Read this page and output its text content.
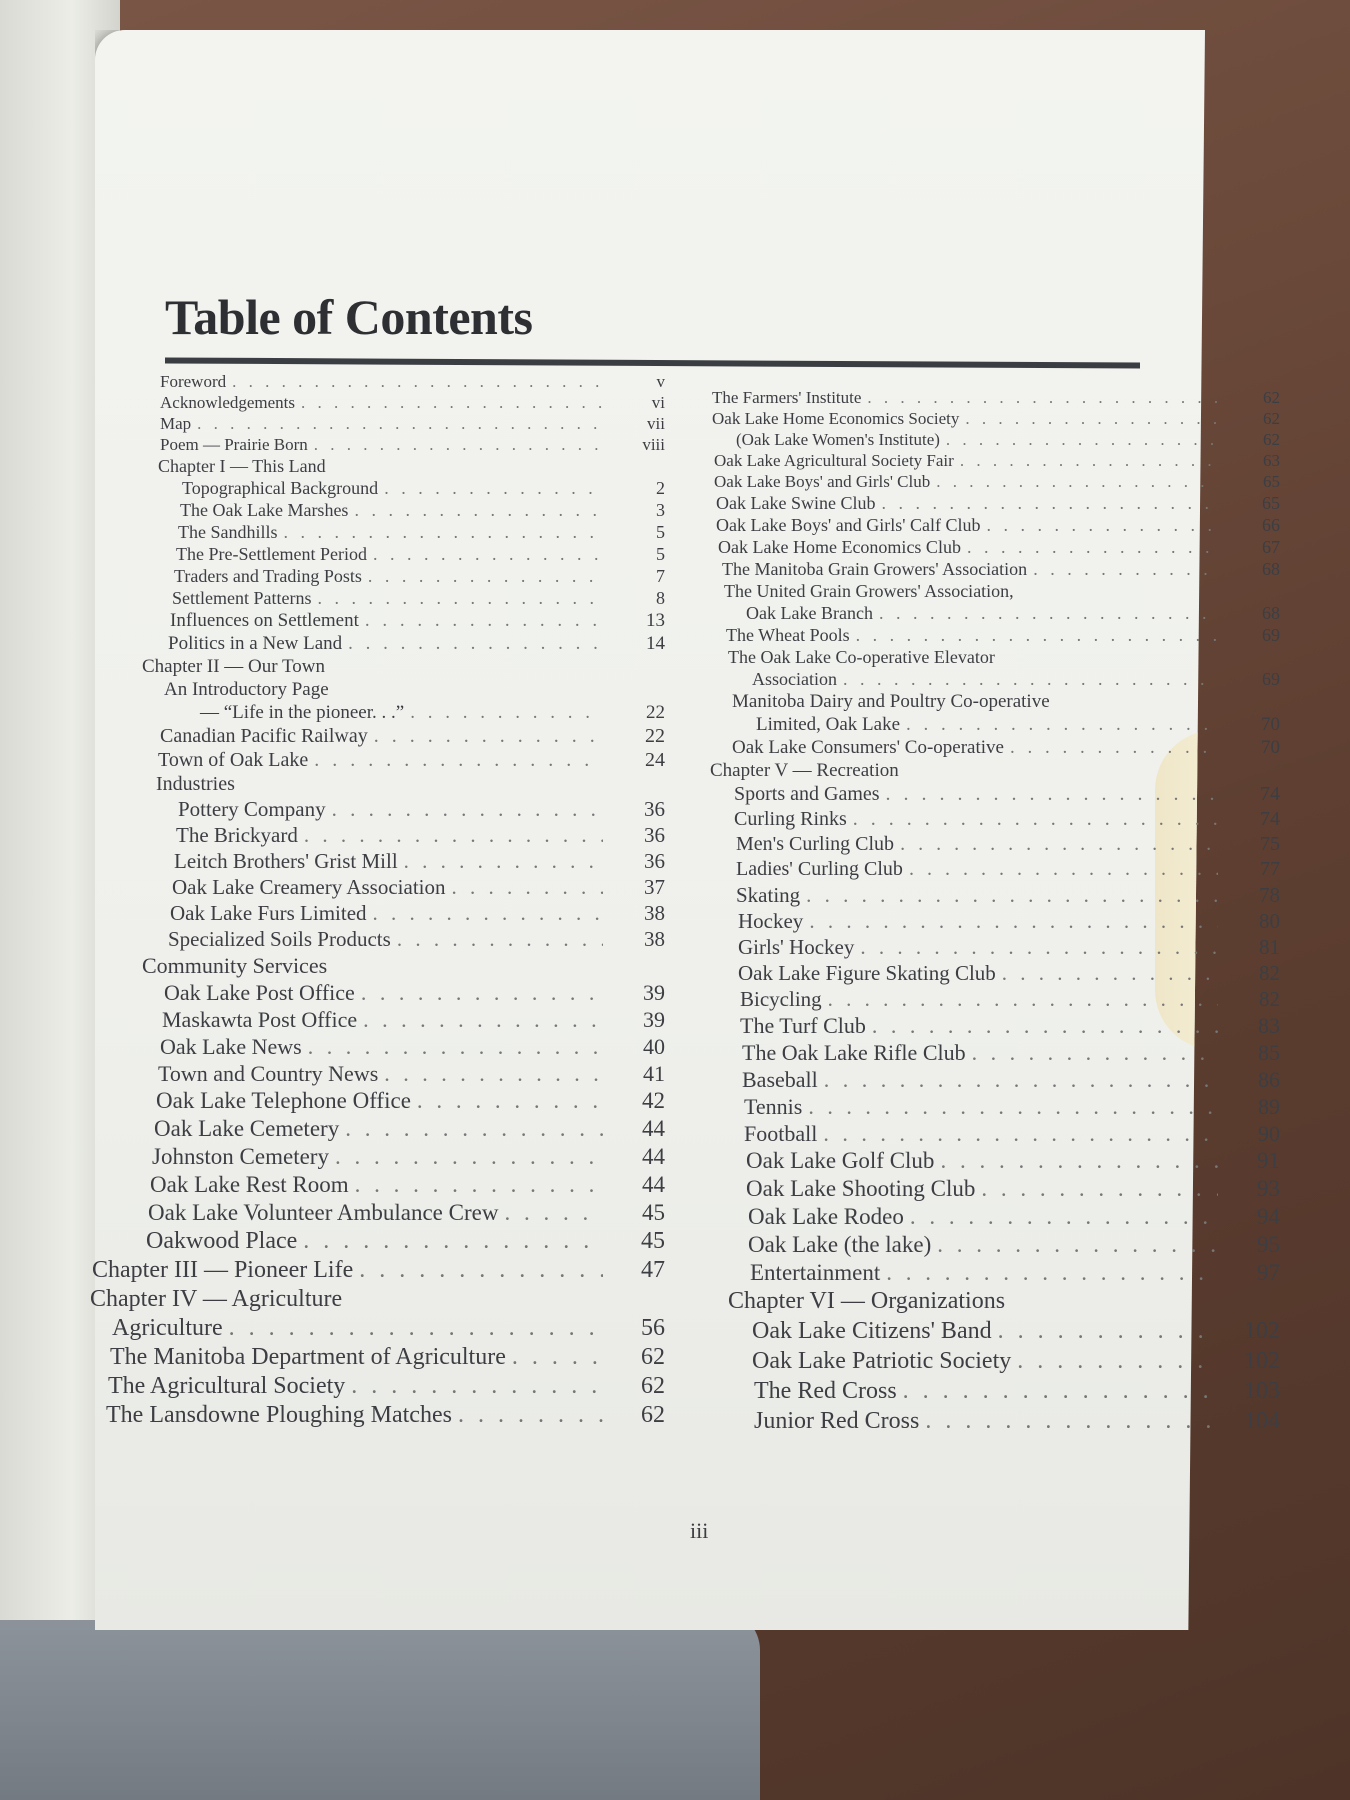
Table of Contents
Foreword . . .	v
Acknowledgements . . .	vi
Map . . .	vii
Poem — Prairie Born . . .	viii
Chapter I — This Land
Topographical Background . . .	2
The Oak Lake Marshes . . .	3
The Sandhills . . .	5
The Pre-Settlement Period . . .	5
Traders and Trading Posts . . .	7
Settlement Patterns . . .	8
Influences on Settlement . . .	13
Politics in a New Land . . .	14
Chapter II — Our Town
An Introductory Page
— “Life in the pioneer. . .” . . .	22
Canadian Pacific Railway . . .	22
Town of Oak Lake . . .	24
Industries
Pottery Company . . .	36
The Brickyard . . .	36
Leitch Brothers' Grist Mill . . .	36
Oak Lake Creamery Association . . .	37
Oak Lake Furs Limited . . .	38
Specialized Soils Products . . .	38
Community Services
Oak Lake Post Office . . .	39
Maskawta Post Office . . .	39
Oak Lake News . . .	40
Town and Country News . . .	41
Oak Lake Telephone Office . . .	42
Oak Lake Cemetery . . .	44
Johnston Cemetery . . .	44
Oak Lake Rest Room . . .	44
Oak Lake Volunteer Ambulance Crew . . .	45
Oakwood Place . . .	45
Chapter III — Pioneer Life . . .	47
Chapter IV — Agriculture
Agriculture . . .	56
The Manitoba Department of Agriculture . . .	62
The Agricultural Society . . .	62
The Lansdowne Ploughing Matches . . .	62
The Farmers' Institute . . .	62
Oak Lake Home Economics Society . . .	62
(Oak Lake Women's Institute) . . .	62
Oak Lake Agricultural Society Fair . . .	63
Oak Lake Boys' and Girls' Club . . .	65
Oak Lake Swine Club . . .	65
Oak Lake Boys' and Girls' Calf Club . . .	66
Oak Lake Home Economics Club . . .	67
The Manitoba Grain Growers' Association . . .	68
The United Grain Growers' Association,
Oak Lake Branch . . .	68
The Wheat Pools . . .	69
The Oak Lake Co-operative Elevator
Association . . .	69
Manitoba Dairy and Poultry Co-operative
Limited, Oak Lake . . .	70
Oak Lake Consumers' Co-operative . . .	70
Chapter V — Recreation
Sports and Games . . .	74
Curling Rinks . . .	74
Men's Curling Club . . .	75
Ladies' Curling Club . . .	77
Skating . . .	78
Hockey . . .	80
Girls' Hockey . . .	81
Oak Lake Figure Skating Club . . .	82
Bicycling . . .	82
The Turf Club . . .	83
The Oak Lake Rifle Club . . .	85
Baseball . . .	86
Tennis . . .	89
Football . . .	90
Oak Lake Golf Club . . .	91
Oak Lake Shooting Club . . .	93
Oak Lake Rodeo . . .	94
Oak Lake (the lake) . . .	95
Entertainment . . .	97
Chapter VI — Organizations
Oak Lake Citizens' Band . . .	102
Oak Lake Patriotic Society . . .	102
The Red Cross . . .	103
Junior Red Cross . . .	104
iii
